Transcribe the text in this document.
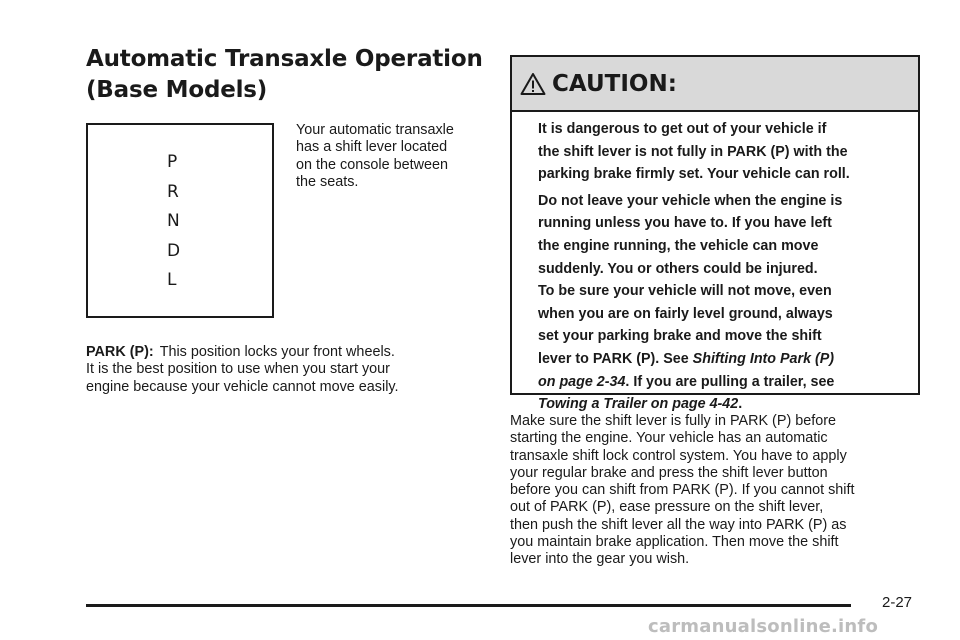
Automatic Transaxle Operation
(Base Models)
P
R
N
D
L
Your automatic transaxle
has a shift lever located
on the console between
the seats.
PARK (P): This position locks your front wheels.
It is the best position to use when you start your
engine because your vehicle cannot move easily.
CAUTION:

It is dangerous to get out of your vehicle if
the shift lever is not fully in PARK (P) with the
parking brake firmly set. Your vehicle can roll.

Do not leave your vehicle when the engine is
running unless you have to. If you have left
the engine running, the vehicle can move
suddenly. You or others could be injured.
To be sure your vehicle will not move, even
when you are on fairly level ground, always
set your parking brake and move the shift
lever to PARK (P). See Shifting Into Park (P)
on page 2-34. If you are pulling a trailer, see
Towing a Trailer on page 4-42.

Make sure the shift lever is fully in PARK (P) before
starting the engine. Your vehicle has an automatic
transaxle shift lock control system. You have to apply
your regular brake and press the shift lever button
before you can shift from PARK (P). If you cannot shift
out of PARK (P), ease pressure on the shift lever,
then push the shift lever all the way into PARK (P) as
you maintain brake application. Then move the shift
lever into the gear you wish.
2-27
carmanualsonline.info
